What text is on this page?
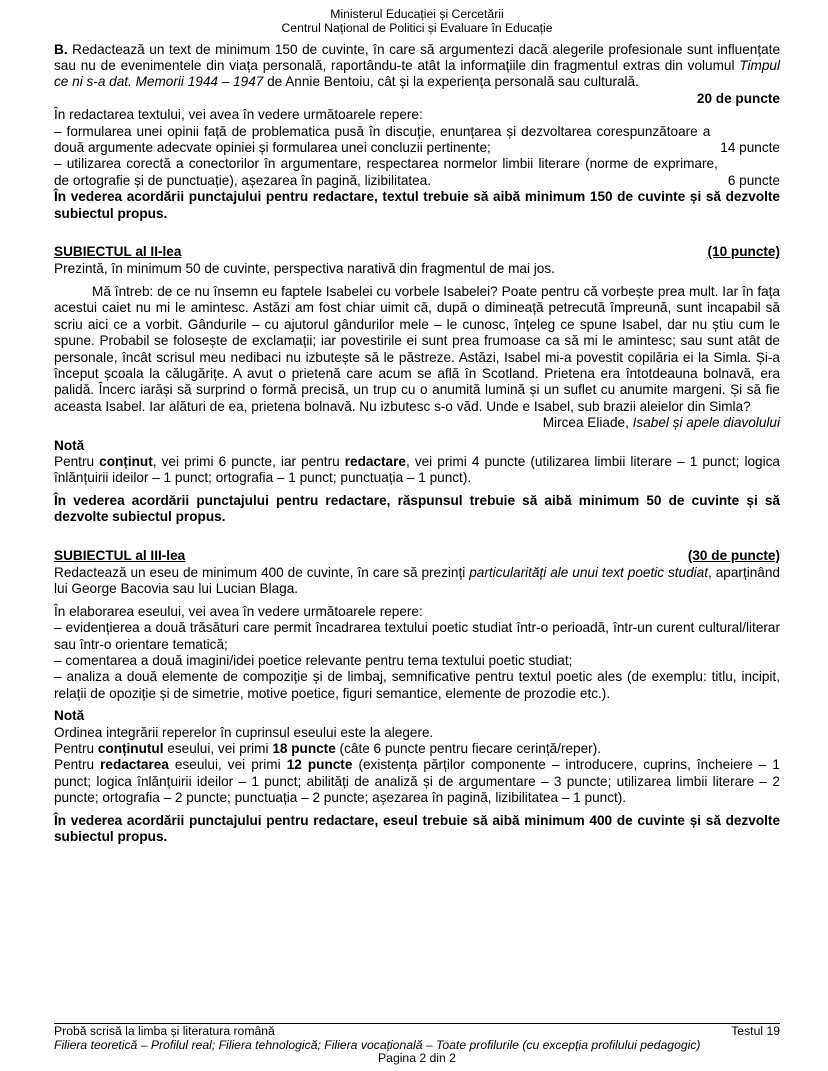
Ministerul Educației și Cercetării
Centrul Național de Politici și Evaluare în Educație
B. Redactează un text de minimum 150 de cuvinte, în care să argumentezi dacă alegerile profesionale sunt influențate sau nu de evenimentele din viața personală, raportându-te atât la informațiile din fragmentul extras din volumul Timpul ce ni s-a dat. Memorii 1944 – 1947 de Annie Bentoiu, cât și la experiența personală sau culturală.
20 de puncte
În redactarea textului, vei avea în vedere următoarele repere:
– formularea unei opinii față de problematica pusă în discuție, enunțarea și dezvoltarea corespunzătoare a două argumente adecvate opiniei și formularea unei concluzii pertinente;	14 puncte
– utilizarea corectă a conectorilor în argumentare, respectarea normelor limbii literare (norme de exprimare, de ortografie și de punctuație), așezarea în pagină, lizibilitatea.	6 puncte
În vederea acordării punctajului pentru redactare, textul trebuie să aibă minimum 150 de cuvinte și să dezvolte subiectul propus.
SUBIECTUL al II-lea	(10 puncte)
Prezintă, în minimum 50 de cuvinte, perspectiva narativă din fragmentul de mai jos.
Mă întreb: de ce nu însemn eu faptele Isabelei cu vorbele Isabelei? Poate pentru că vorbește prea mult. Iar în fața acestui caiet nu mi le amintesc. Astăzi am fost chiar uimit că, după o dimineață petrecută împreună, sunt incapabil să scriu aici ce a vorbit. Gândurile – cu ajutorul gândurilor mele – le cunosc, înțeleg ce spune Isabel, dar nu știu cum le spune. Probabil se folosește de exclamații; iar povestirile ei sunt prea frumoase ca să mi le amintesc; sau sunt atât de personale, încât scrisul meu nedibaci nu izbutește să le păstreze. Astăzi, Isabel mi-a povestit copilăria ei la Simla. Și-a început școala la călugărițe. A avut o prietenă care acum se află în Scotland. Prietena era întotdeauna bolnavă, era palidă. Încerc iarăși să surprind o formă precisă, un trup cu o anumită lumină și un suflet cu anumite margeni. Și să fie aceasta Isabel. Iar alături de ea, prietena bolnavă. Nu izbutesc s-o văd. Unde e Isabel, sub brazii aleielor din Simla?
Mircea Eliade, Isabel și apele diavolului
Notă
Pentru conținut, vei primi 6 puncte, iar pentru redactare, vei primi 4 puncte (utilizarea limbii literare – 1 punct; logica înlănțuirii ideilor – 1 punct; ortografia – 1 punct; punctuația – 1 punct).
În vederea acordării punctajului pentru redactare, răspunsul trebuie să aibă minimum 50 de cuvinte și să dezvolte subiectul propus.
SUBIECTUL al III-lea	(30 de puncte)
Redactează un eseu de minimum 400 de cuvinte, în care să prezinți particularități ale unui text poetic studiat, aparținând lui George Bacovia sau lui Lucian Blaga.
În elaborarea eseului, vei avea în vedere următoarele repere:
– evidențierea a două trăsături care permit încadrarea textului poetic studiat într-o perioadă, într-un curent cultural/literar sau într-o orientare tematică;
– comentarea a două imagini/idei poetice relevante pentru tema textului poetic studiat;
– analiza a două elemente de compoziție și de limbaj, semnificative pentru textul poetic ales (de exemplu: titlu, incipit, relații de opoziție și de simetrie, motive poetice, figuri semantice, elemente de prozodie etc.).
Notă
Ordinea integrării reperelor în cuprinsul eseului este la alegere.
Pentru conținutul eseului, vei primi 18 puncte (câte 6 puncte pentru fiecare cerință/reper).
Pentru redactarea eseului, vei primi 12 puncte (existența părților componente – introducere, cuprins, încheiere – 1 punct; logica înlănțuirii ideilor – 1 punct; abilități de analiză și de argumentare – 3 puncte; utilizarea limbii literare – 2 puncte; ortografia – 2 puncte; punctuația – 2 puncte; așezarea în pagină, lizibilitatea – 1 punct).
În vederea acordării punctajului pentru redactare, eseul trebuie să aibă minimum 400 de cuvinte și să dezvolte subiectul propus.
Probă scrisă la limba și literatura română	Testul 19
Filiera teoretică – Profilul real; Filiera tehnologică; Filiera vocațională – Toate profilurile (cu excepția profilului pedagogic)
Pagina 2 din 2
